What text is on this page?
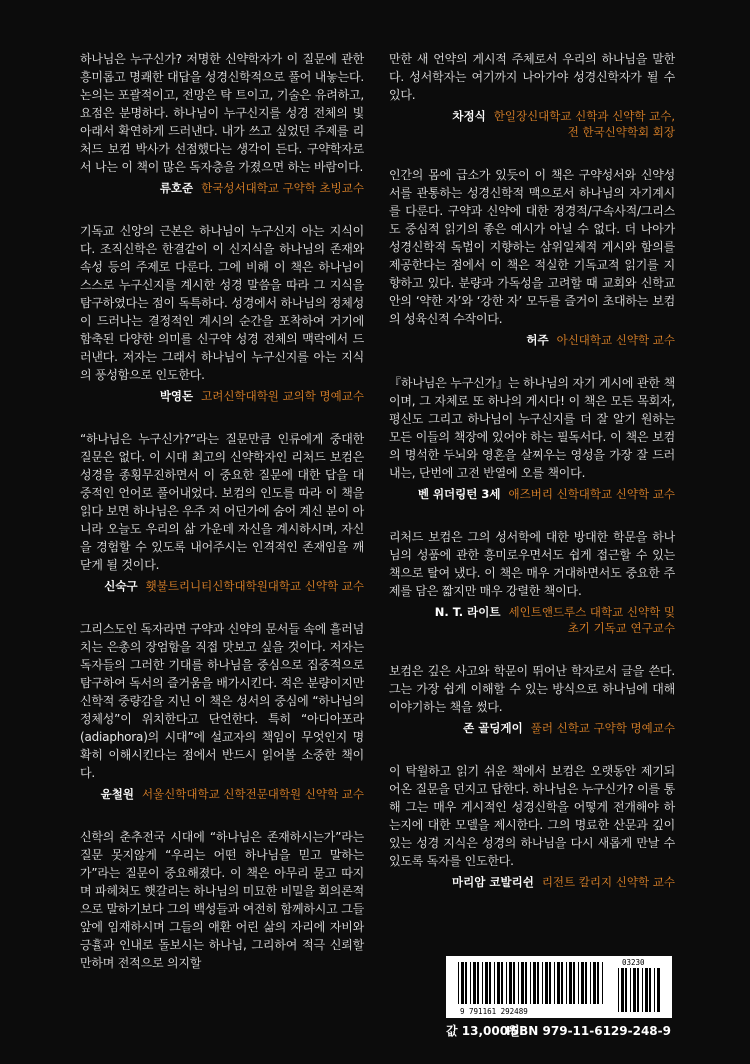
하나님은 누구신가? 저명한 신약학자가 이 질문에 관한 흥미롭고 명쾌한 대답을 성경신학적으로 풀어 내놓는다. 논의는 포괄적이고, 전망은 탁 트이고, 기술은 유려하고, 요점은 분명하다. 하나님이 누구신지를 성경 전체의 빛 아래서 확연하게 드러낸다. 내가 쓰고 싶었던 주제를 리처드 보컴 박사가 선점했다는 생각이 든다. 구약학자로서 나는 이 책이 많은 독자층을 가졌으면 하는 바람이다.

류호준 한국성서대학교 구약학 초빙교수

기독교 신앙의 근본은 하나님이 누구신지 아는 지식이다. 조직신학은 한결같이 이 신지식을 하나님의 존재와 속성 등의 주제로 다룬다. 그에 비해 이 책은 하나님이 스스로 누구신지를 계시한 성경 말씀을 따라 그 지식을 탐구하였다는 점이 독특하다. 성경에서 하나님의 정체성이 드러나는 결정적인 계시의 순간을 포착하여 거기에 함축된 다양한 의미를 신구약 성경 전체의 맥락에서 드러낸다. 저자는 그래서 하나님이 누구신지를 아는 지식의 풍성함으로 인도한다.

박영돈 고려신학대학원 교의학 명예교수

“하나님은 누구신가?”라는 질문만큼 인류에게 중대한 질문은 없다. 이 시대 최고의 신약학자인 리처드 보컴은 성경을 종횡무진하면서 이 중요한 질문에 대한 답을 대중적인 언어로 풀어내었다. 보컴의 인도를 따라 이 책을 읽다 보면 하나님은 우주 저 어딘가에 숨어 계신 분이 아니라 오늘도 우리의 삶 가운데 자신을 계시하시며, 자신을 경험할 수 있도록 내어주시는 인격적인 존재임을 깨닫게 될 것이다.

신숙구 횃불트리니티신학대학원대학교 신약학 교수

그리스도인 독자라면 구약과 신약의 문서들 속에 흘러넘치는 은총의 장엄함을 직접 맛보고 싶을 것이다. 저자는 독자들의 그러한 기대를 하나님을 중심으로 집중적으로 탐구하여 독서의 즐거움을 배가시킨다. 적은 분량이지만 신학적 중량감을 지닌 이 책은 성서의 중심에 “하나님의 정체성”이 위치한다고 단언한다. 특히 “아디아포라(adiaphora)의 시대”에 설교자의 책임이 무엇인지 명확히 이해시킨다는 점에서 반드시 읽어볼 소중한 책이다.

윤철원 서울신학대학교 신학전문대학원 신약학 교수

신학의 춘추전국 시대에 “하나님은 존재하시는가”라는 질문 못지않게 “우리는 어떤 하나님을 믿고 말하는가”라는 질문이 중요해졌다. 이 책은 아무리 묻고 따지며 파헤쳐도 햇갈리는 하나님의 미묘한 비밀을 회의론적으로 말하기보다 그의 백성들과 여전히 함께하시고 그들 앞에 임재하시며 그들의 애환 어린 삶의 자리에 자비와 긍휼과 인내로 돌보시는 하나님, 그리하여 적극 신뢰할 만하며 전적으로 의지할

만한 새 언약의 게시적 주체로서 우리의 하나님을 말한다. 성서학자는 여기까지 나아가야 성경신학자가 될 수 있다.

차정식 한일장신대학교 신학과 신약학 교수,
전 한국신약학회 회장

인간의 몸에 급소가 있듯이 이 책은 구약성서와 신약성서를 관통하는 성경신학적 맥으로서 하나님의 자기계시를 다룬다. 구약과 신약에 대한 정경적/구속사적/그리스도 중심적 읽기의 좋은 예시가 아닐 수 없다. 더 나아가 성경신학적 독법이 지향하는 삼위일체적 게시와 함의를 제공한다는 점에서 이 책은 적실한 기독교적 읽기를 지향하고 있다. 분량과 가독성을 고려할 때 교회와 신학교 안의 ‘약한 자’와 ‘강한 자’ 모두를 즐거이 초대하는 보컴의 성육신적 수작이다.

허주 아신대학교 신약학 교수

『하나님은 누구신가』는 하나님의 자기 게시에 관한 책이며, 그 자체로 또 하나의 게시다! 이 책은 모든 목회자, 평신도 그리고 하나님이 누구신지를 더 잘 알기 원하는 모든 이들의 책장에 있어야 하는 필독서다. 이 책은 보컴의 명석한 두뇌와 영혼을 살찌우는 영성을 가장 잘 드러내는, 단번에 고전 반열에 오를 책이다.

벤 위더링턴 3세 애즈버리 신학대학교 신약학 교수

리처드 보컴은 그의 성서학에 대한 방대한 학문을 하나님의 성품에 관한 흥미로우면서도 쉽게 접근할 수 있는 책으로 탈여 냈다. 이 책은 매우 거대하면서도 중요한 주제를 담은 짧지만 매우 강렬한 책이다.

N. T. 라이트 세인트앤드루스 대학교 신약학 및
초기 기독교 연구교수

보컴은 깊은 사고와 학문이 뛰어난 학자로서 글을 쓴다. 그는 가장 쉽게 이해할 수 있는 방식으로 하나님에 대해 이야기하는 책을 썼다.

존 골딩게이 풀러 신학교 구약학 명예교수

이 탁월하고 읽기 쉬운 책에서 보컴은 오랫동안 제기되어온 질문을 던지고 답한다. 하나님은 누구신가? 이를 통해 그는 매우 게시적인 성경신학을 어떻게 전개해야 하는지에 대한 모델을 제시한다. 그의 명료한 산문과 깊이 있는 성경 지식은 성경의 하나님을 다시 새롭게 만날 수 있도록 독자를 인도한다.

마리암 코발리쉰 리전트 칼리지 신약학 교수
9 791161 292489
03230
값 13,000원
ISBN 979-11-6129-248-9
